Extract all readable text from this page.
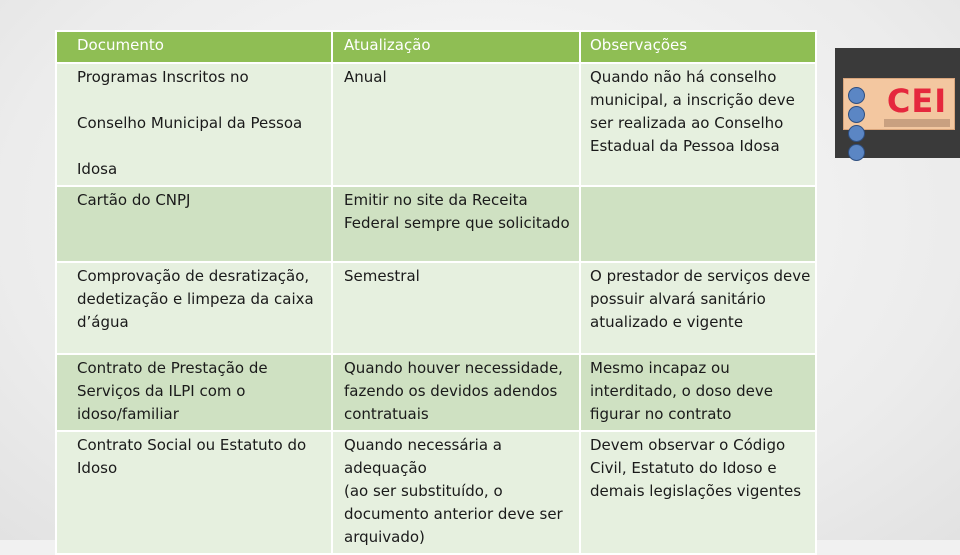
Documento	Atualização	Observações
Programas Inscritos no

Conselho Municipal da Pessoa

Idosa	Anual	Quando não há conselho municipal, a inscrição deve ser realizada ao Conselho Estadual da Pessoa Idosa
Cartão do CNPJ	Emitir no site da Receita Federal sempre que solicitado	
Comprovação de desratização, dedetização e limpeza da caixa d’água	Semestral	O prestador de serviços deve possuir alvará sanitário atualizado e vigente
Contrato de Prestação de Serviços da ILPI com o idoso/familiar	Quando houver necessidade, fazendo os devidos adendos contratuais	Mesmo incapaz ou interditado, o doso deve figurar no contrato
Contrato Social ou Estatuto do Idoso	Quando necessária a adequação
(ao ser substituído, o documento anterior deve ser arquivado)	Devem observar o Código Civil, Estatuto do Idoso e demais legislações vigentes
CEI
